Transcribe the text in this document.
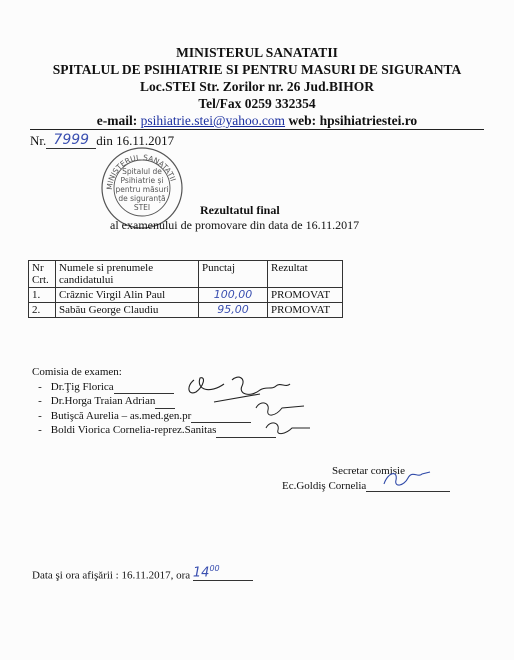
MINISTERUL SANATATII
SPITALUL DE PSIHIATRIE SI PENTRU MASURI DE SIGURANTA
Loc.STEI Str. Zorilor nr. 26 Jud.BIHOR
Tel/Fax 0259 332354
e-mail: psihiatrie.stei@yahoo.com web: hpsihiatriestei.ro
Nr. 7999 din 16.11.2017
MINISTERUL SANATATII
Spitalul de
Psihiatrie și
pentru măsuri
de siguranță
STEI	Rezultatul final
al examenului de promovare din data de 16.11.2017
Nr Crt.	Numele si prenumele candidatului	Punctaj	Rezultat
1.	Crâznic Virgil Alin Paul	100,00	PROMOVAT
2.	Sabău George Claudiu	95,00	PROMOVAT
Comisia de examen:
- Dr.Ţig Florica
- Dr.Horga Traian Adrian
- Butişcă Aurelia – as.med.gen.pr
- Boldi Viorica Cornelia-reprez.Sanitas
Secretar comisie
Ec.Goldiş Cornelia
Data şi ora afişării : 16.11.2017, ora $14^{00}$
